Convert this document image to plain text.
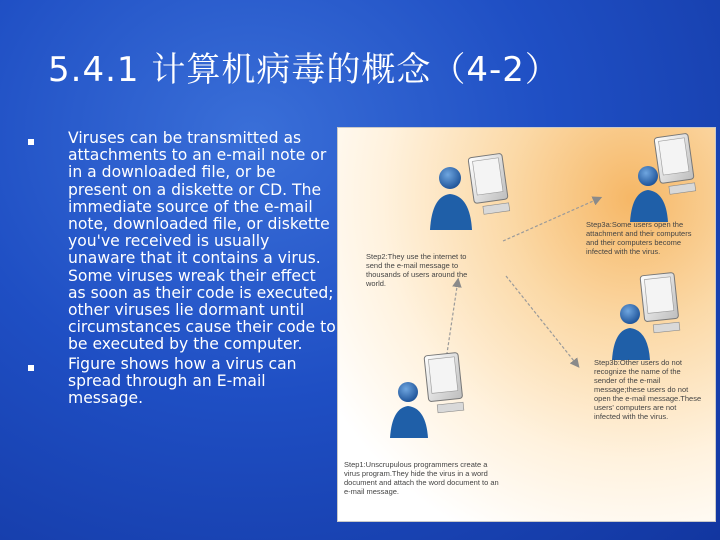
5.4.1 计算机病毒的概念（4-2）
Viruses can be transmitted as attachments to an e-mail note or in a downloaded file, or be present on a diskette or CD. The immediate source of the e-mail note, downloaded file, or diskette you've received is usually unaware that it contains a virus. Some viruses wreak their effect as soon as their code is executed; other viruses lie dormant until circumstances cause their code to be executed by the computer.
Figure shows how a virus can spread through an E-mail message.
Step2:They use the internet to send the e-mail message to thousands of users around the world.
Step3a:Some users open the attachment and their computers and their computers become infected with the virus.
Step3b:Other users do not recognize the name of the sender of the e-mail message;these users do not open the e-mail message.These users' computers are not infected with the virus.
Step1:Unscrupulous programmers create a virus program.They hide the virus in a word document and attach the word document to an e-mail message.
